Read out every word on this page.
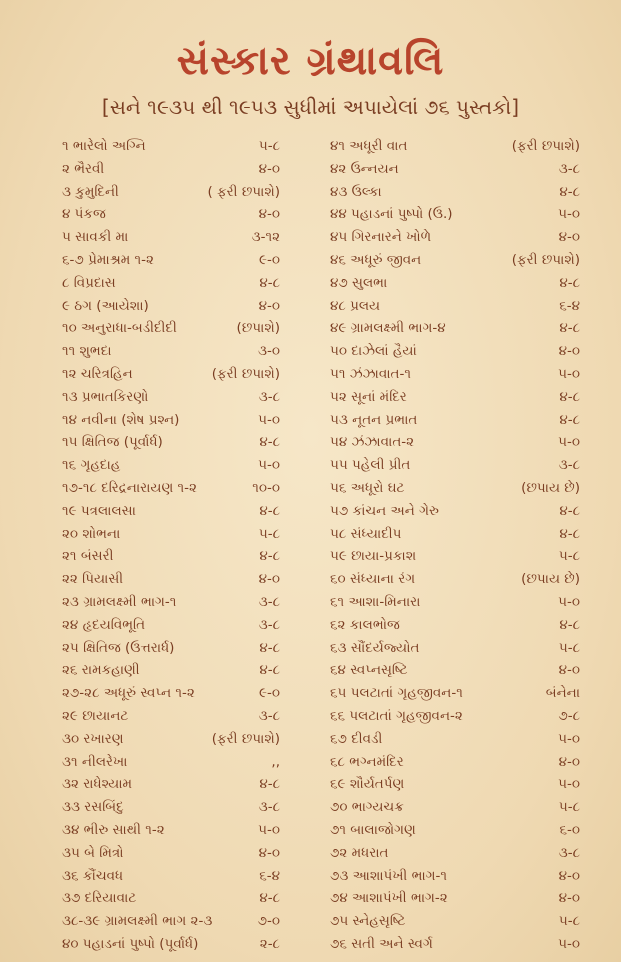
સંસ્કાર ગ્રંથાવલિ
[સને ૧૯૩૫ થી ૧૯૫૩ સુધીમાં અપાયેલાં ૭૬ પુસ્તકો]
૧ ભારેલો અગ્નિ	૫-૮
૨ ભૈરવી	૪-૦
૩ કુમુદિની	( ફરી છપાશે)
૪ પંકજ	૪-૦
૫ સાવકી મા	૩-૧૨
૬-૭ પ્રેમાશ્રમ ૧-૨	૯-૦
૮ વિપ્રદાસ	૪-૮
૯ ઠગ (આયેશા)	૪-૦
૧૦ અનુરાધા-બડીદીદી	(છપાશે)
૧૧ શુભદા	૩-૦
૧૨ ચરિત્રહિન	(ફરી છપાશે)
૧૩ પ્રભાતકિરણો	૩-૮
૧૪ નવીના (શેષ પ્રશ્ન)	૫-૦
૧૫ ક્ષિતિજ (પૂર્વાર્ધ)	૪-૮
૧૬ ગૃહદાહ	૫-૦
૧૭-૧૮ દરિદ્રનારાયણ ૧-૨	૧૦-૦
૧૯ પત્રલાલસા	૪-૮
૨૦ શોભના	૫-૮
૨૧ બંસરી	૪-૮
૨૨ પિયાસી	૪-૦
૨૩ ગ્રામલક્ષ્મી ભાગ-૧	૩-૮
૨૪ હૃદયવિભૂતિ	૩-૮
૨૫ ક્ષિતિજ (ઉત્તરાર્ધ)	૪-૮
૨૬ રામકહાણી	૪-૮
૨૭-૨૮ અધૂરું સ્વપ્ન ૧-૨	૯-૦
૨૯ છાયાનટ	૩-૮
૩૦ રખારણ	(ફરી છપાશે)
૩૧ નીલરેખા	,,
૩૨ રાધેશ્યામ	૪-૮
૩૩ રસબિંદુ	૩-૮
૩૪ ભીરુ સાથી ૧-૨	૫-૦
૩૫ બે મિત્રો	૪-૦
૩૬ કૌંચવધ	૬-૪
૩૭ દરિયાવાટ	૪-૮
૩૮-૩૯ ગ્રામલક્ષ્મી ભાગ ૨-૩	૭-૦
૪૦ પહાડનાં પુષ્પો (પૂર્વાર્ધ)	૨-૮
૪૧ અધૂરી વાત	(ફરી છપાશે)
૪૨ ઉન્નયન	૩-૮
૪૩ ઉલ્કા	૪-૮
૪૪ પહાડનાં પુષ્પો (ઉ.)	૫-૦
૪૫ ગિરનારને ખોળે	૪-૦
૪૬ અધૂરું જીવન	(ફરી છપાશે)
૪૭ સુલભા	૪-૮
૪૮ પ્રલય	૬-૪
૪૯ ગ્રામલક્ષ્મી ભાગ-૪	૪-૮
૫૦ દાઝેલાં હૈયાં	૪-૦
૫૧ ઝંઝાવાત-૧	૫-૦
૫૨ સૂનાં મંદિર	૪-૮
૫૩ નૂતન પ્રભાત	૪-૮
૫૪ ઝંઝાવાત-૨	૫-૦
૫૫ પહેલી પ્રીત	૩-૮
૫૬ અધૂરો ઘટ	(છપાય છે)
૫૭ કાંચન અને ગેરુ	૪-૮
૫૮ સંધ્યાદીપ	૪-૮
૫૯ છાયા-પ્રકાશ	૫-૮
૬૦ સંધ્યાના રંગ	(છપાય છે)
૬૧ આશા-મિનારા	૫-૦
૬૨ કાલભોજ	૪-૮
૬૩ સૌંદર્યજ્યોત	૫-૮
૬૪ સ્વપ્નસૃષ્ટિ	૪-૦
૬૫ પલટાતાં ગૃહજીવન-૧	બંનેના
૬૬ પલટાતાં ગૃહજીવન-૨	૭-૮
૬૭ દીવડી	૫-૦
૬૮ ભગ્નમંદિર	૪-૦
૬૯ શૌર્યતર્પણ	૫-૦
૭૦ ભાગ્યચક્ર	૫-૮
૭૧ બાલાજોગણ	૬-૦
૭૨ મધરાત	૩-૮
૭૩ આશાપંખી ભાગ-૧	૪-૦
૭૪ આશાપંખી ભાગ-૨	૪-૦
૭૫ સ્નેહસૃષ્ટિ	૫-૮
૭૬ સતી અને સ્વર્ગ	૫-૦
